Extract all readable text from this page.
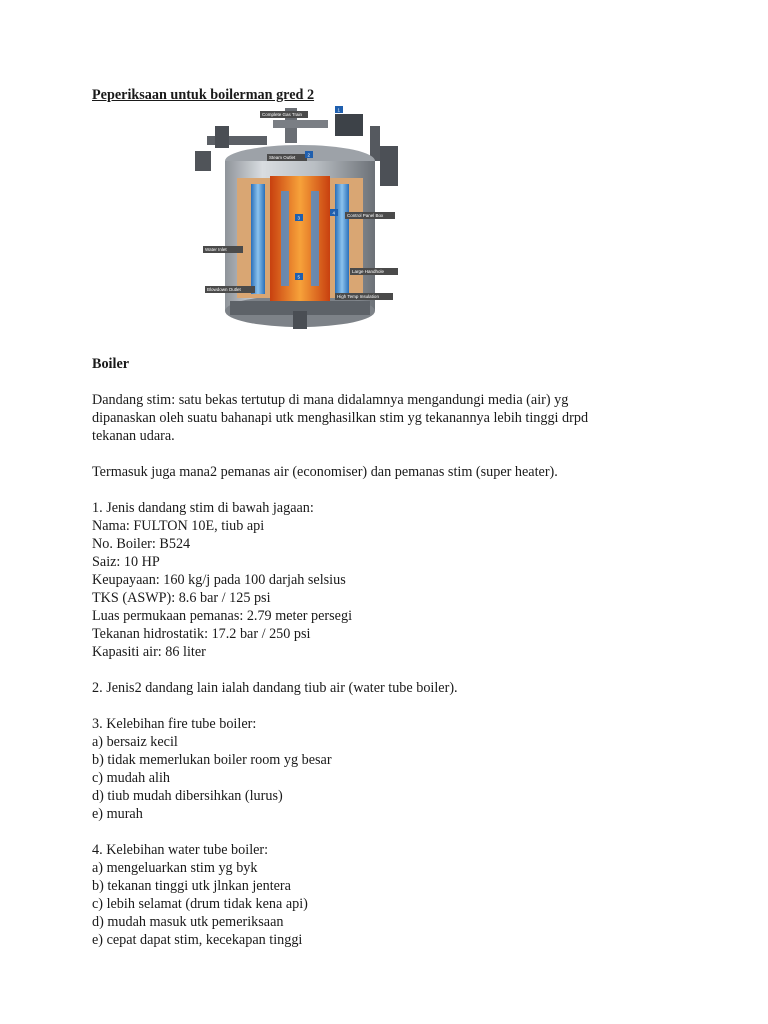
Peperiksaan untuk boilerman gred 2

Complete Gas Train
Steam Outlet
Control Panel Box
Water Inlet
Large Handhole
Blowdown Outlet
High Temp Insulation
1
2
3
4
5

Boiler

Dandang stim: satu bekas tertutup di mana didalamnya mengandungi media (air) yg
dipanaskan oleh suatu bahanapi utk menghasilkan stim yg tekanannya lebih tinggi drpd
tekanan udara.
Termasuk juga mana2 pemanas air (economiser) dan pemanas stim (super heater).
1. Jenis dandang stim di bawah jagaan:
Nama: FULTON 10E, tiub api
No. Boiler: B524
Saiz: 10 HP
Keupayaan: 160 kg/j pada 100 darjah selsius
TKS (ASWP): 8.6 bar / 125 psi
Luas permukaan pemanas: 2.79 meter persegi
Tekanan hidrostatik: 17.2 bar / 250 psi
Kapasiti air: 86 liter
2. Jenis2 dandang lain ialah dandang tiub air (water tube boiler).
3. Kelebihan fire tube boiler:
a) bersaiz kecil
b) tidak memerlukan boiler room yg besar
c) mudah alih
d) tiub mudah dibersihkan (lurus)
e) murah
4. Kelebihan water tube boiler:
a) mengeluarkan stim yg byk
b) tekanan tinggi utk jlnkan jentera
c) lebih selamat (drum tidak kena api)
d) mudah masuk utk pemeriksaan
e) cepat dapat stim, kecekapan tinggi
